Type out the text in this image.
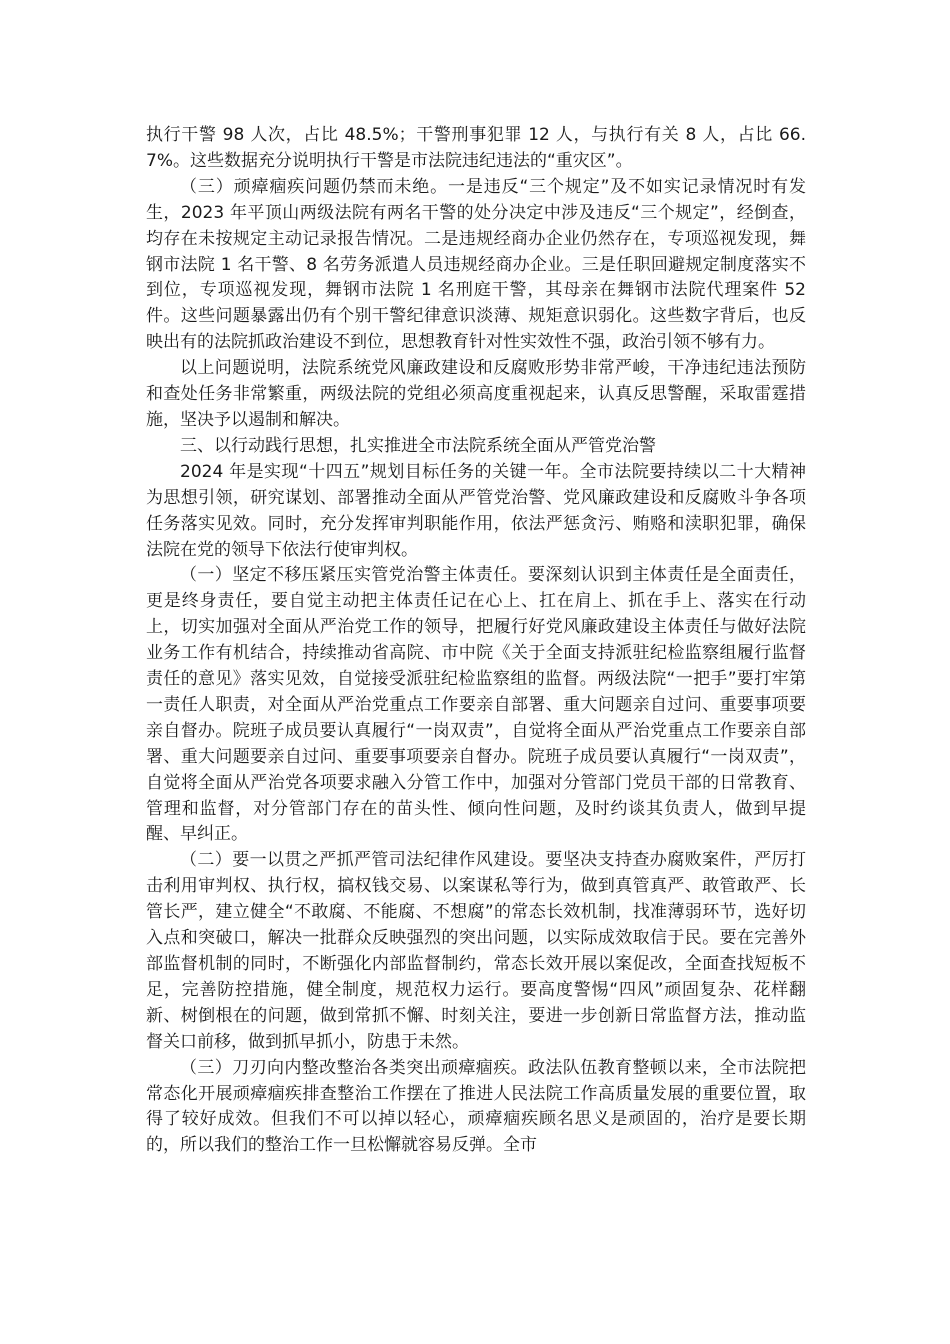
执行干警 98 人次，占比 48.5%；干警刑事犯罪 12 人，与执行有关 8 人，占比 66.7%。这些数据充分说明执行干警是市法院违纪违法的“重灾区”。

（三）顽瘴痼疾问题仍禁而未绝。一是违反“三个规定”及不如实记录情况时有发生，2023 年平顶山两级法院有两名干警的处分决定中涉及违反“三个规定”，经倒查，均存在未按规定主动记录报告情况。二是违规经商办企业仍然存在，专项巡视发现，舞钢市法院 1 名干警、8 名劳务派遣人员违规经商办企业。三是任职回避规定制度落实不到位，专项巡视发现，舞钢市法院 1 名刑庭干警，其母亲在舞钢市法院代理案件 52 件。这些问题暴露出仍有个别干警纪律意识淡薄、规矩意识弱化。这些数字背后，也反映出有的法院抓政治建设不到位，思想教育针对性实效性不强，政治引领不够有力。

以上问题说明，法院系统党风廉政建设和反腐败形势非常严峻，干净违纪违法预防和查处任务非常繁重，两级法院的党组必须高度重视起来，认真反思警醒，采取雷霆措施，坚决予以遏制和解决。

三、以行动践行思想，扎实推进全市法院系统全面从严管党治警

2024 年是实现“十四五”规划目标任务的关键一年。全市法院要持续以二十大精神为思想引领，研究谋划、部署推动全面从严管党治警、党风廉政建设和反腐败斗争各项任务落实见效。同时，充分发挥审判职能作用，依法严惩贪污、贿赂和渎职犯罪，确保法院在党的领导下依法行使审判权。

（一）坚定不移压紧压实管党治警主体责任。要深刻认识到主体责任是全面责任，更是终身责任，要自觉主动把主体责任记在心上、扛在肩上、抓在手上、落实在行动上，切实加强对全面从严治党工作的领导，把履行好党风廉政建设主体责任与做好法院业务工作有机结合，持续推动省高院、市中院《关于全面支持派驻纪检监察组履行监督责任的意见》落实见效，自觉接受派驻纪检监察组的监督。两级法院“一把手”要打牢第一责任人职责，对全面从严治党重点工作要亲自部署、重大问题亲自过问、重要事项要亲自督办。院班子成员要认真履行“一岗双责”，自觉将全面从严治党重点工作要亲自部署、重大问题要亲自过问、重要事项要亲自督办。院班子成员要认真履行“一岗双责”，自觉将全面从严治党各项要求融入分管工作中，加强对分管部门党员干部的日常教育、管理和监督，对分管部门存在的苗头性、倾向性问题，及时约谈其负责人，做到早提醒、早纠正。

（二）要一以贯之严抓严管司法纪律作风建设。要坚决支持查办腐败案件，严厉打击利用审判权、执行权，搞权钱交易、以案谋私等行为，做到真管真严、敢管敢严、长管长严，建立健全“不敢腐、不能腐、不想腐”的常态长效机制，找准薄弱环节，选好切入点和突破口，解决一批群众反映强烈的突出问题，以实际成效取信于民。要在完善外部监督机制的同时，不断强化内部监督制约，常态长效开展以案促改，全面查找短板不足，完善防控措施，健全制度，规范权力运行。要高度警惕“四风”顽固复杂、花样翻新、树倒根在的问题，做到常抓不懈、时刻关注，要进一步创新日常监督方法，推动监督关口前移，做到抓早抓小，防患于未然。

（三）刀刃向内整改整治各类突出顽瘴痼疾。政法队伍教育整顿以来，全市法院把常态化开展顽瘴痼疾排查整治工作摆在了推进人民法院工作高质量发展的重要位置，取得了较好成效。但我们不可以掉以轻心，顽瘴痼疾顾名思义是顽固的，治疗是要长期的，所以我们的整治工作一旦松懈就容易反弹。全市
